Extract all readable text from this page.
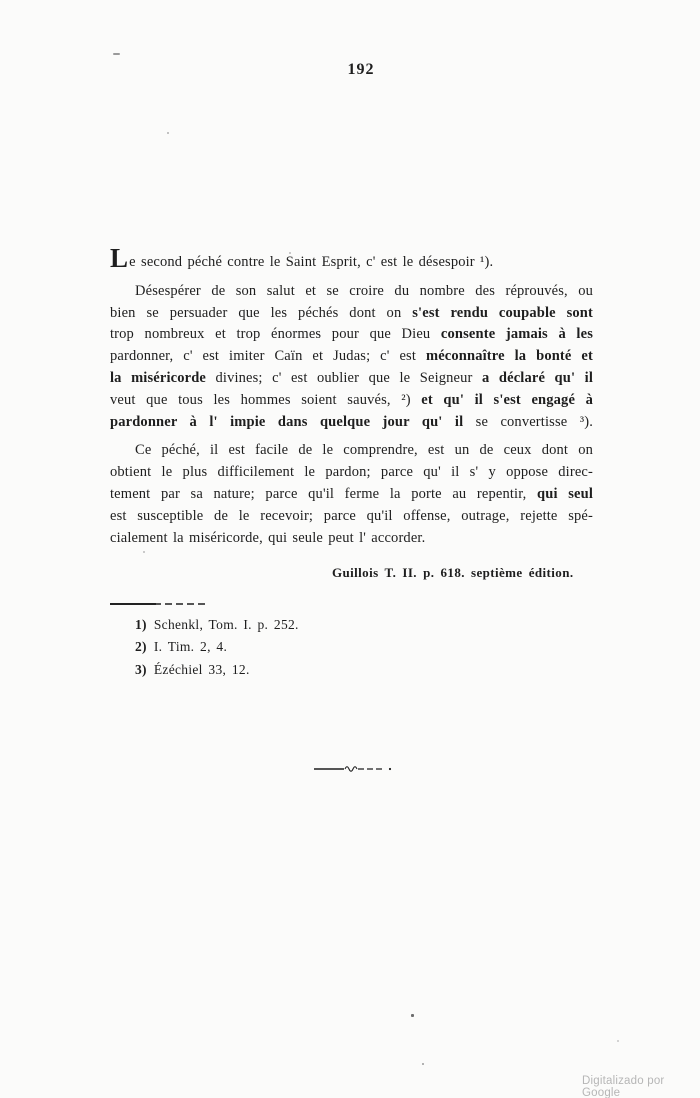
192
Le second péché contre le Saint Esprit, c' est le désespoir ¹).
Désespérer de son salut et se croire du nombre des réprouvés, ou
bien se persuader que les péchés dont on s'est rendu coupable sont
trop nombreux et trop énormes pour que Dieu consente jamais à les
pardonner, c' est imiter Caïn et Judas; c' est méconnaître la bonté et
la miséricorde divines; c' est oublier que le Seigneur a déclaré qu' il
veut que tous les hommes soient sauvés, ²) et qu' il s'est engagé à
pardonner à l' impie dans quelque jour qu' il se convertisse ³).
Ce péché, il est facile de le comprendre, est un de ceux dont on
obtient le plus difficilement le pardon; parce qu' il s' y oppose direc-
tement par sa nature; parce qu'il ferme la porte au repentir, qui seul
est susceptible de le recevoir; parce qu'il offense, outrage, rejette spé-
cialement la miséricorde, qui seule peut l' accorder.
Guillois T. II. p. 618. septième édition.
1) Schenkl, Tom. I. p. 252.
2) I. Tim. 2, 4.
3) Ézéchiel 33, 12.
Digitalizado por Google
